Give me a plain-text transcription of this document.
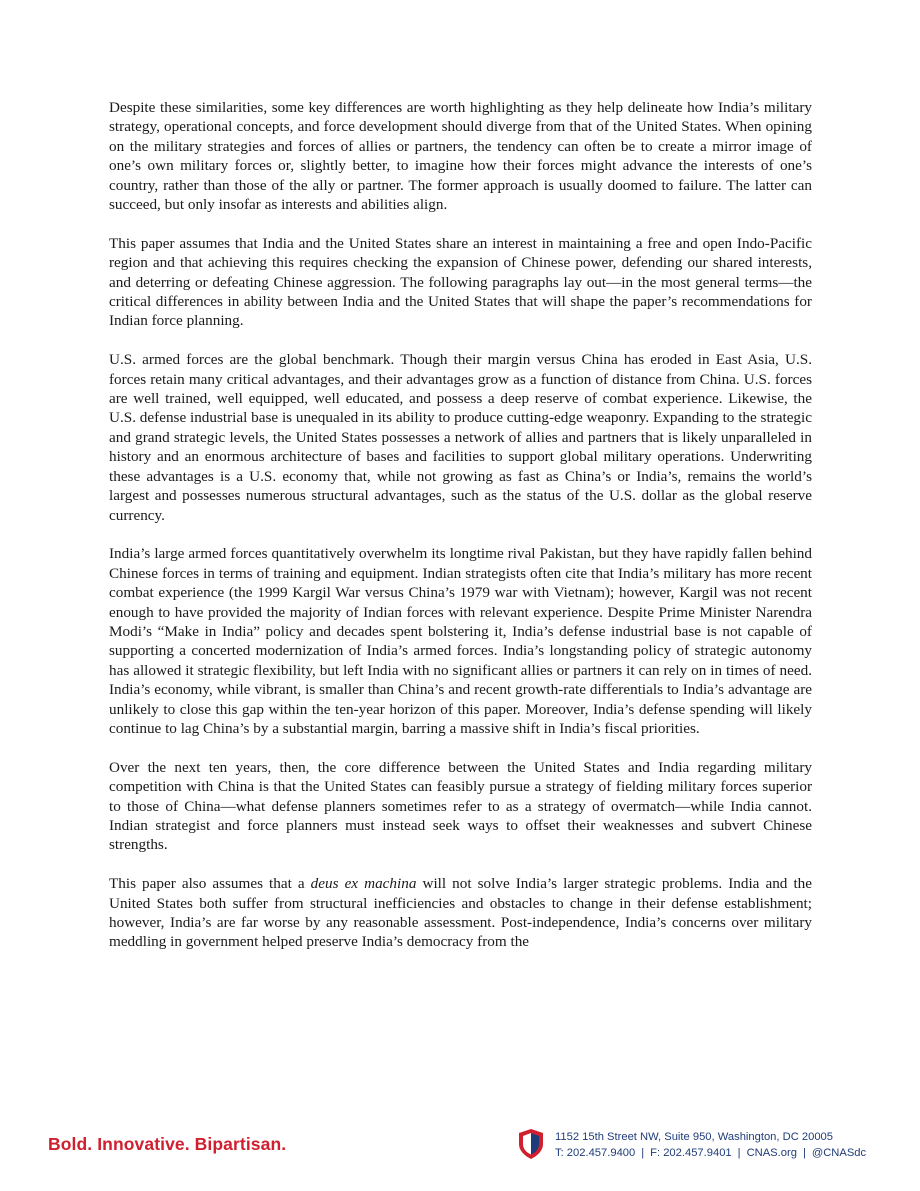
Despite these similarities, some key differences are worth highlighting as they help delineate how India’s military strategy, operational concepts, and force development should diverge from that of the United States. When opining on the military strategies and forces of allies or partners, the tendency can often be to create a mirror image of one’s own military forces or, slightly better, to imagine how their forces might advance the interests of one’s country, rather than those of the ally or partner. The former approach is usually doomed to failure. The latter can succeed, but only insofar as interests and abilities align.

This paper assumes that India and the United States share an interest in maintaining a free and open Indo-Pacific region and that achieving this requires checking the expansion of Chinese power, defending our shared interests, and deterring or defeating Chinese aggression. The following paragraphs lay out—in the most general terms—the critical differences in ability between India and the United States that will shape the paper’s recommendations for Indian force planning.

U.S. armed forces are the global benchmark. Though their margin versus China has eroded in East Asia, U.S. forces retain many critical advantages, and their advantages grow as a function of distance from China. U.S. forces are well trained, well equipped, well educated, and possess a deep reserve of combat experience. Likewise, the U.S. defense industrial base is unequaled in its ability to produce cutting-edge weaponry. Expanding to the strategic and grand strategic levels, the United States possesses a network of allies and partners that is likely unparalleled in history and an enormous architecture of bases and facilities to support global military operations. Underwriting these advantages is a U.S. economy that, while not growing as fast as China’s or India’s, remains the world’s largest and possesses numerous structural advantages, such as the status of the U.S. dollar as the global reserve currency.

India’s large armed forces quantitatively overwhelm its longtime rival Pakistan, but they have rapidly fallen behind Chinese forces in terms of training and equipment. Indian strategists often cite that India’s military has more recent combat experience (the 1999 Kargil War versus China’s 1979 war with Vietnam); however, Kargil was not recent enough to have provided the majority of Indian forces with relevant experience. Despite Prime Minister Narendra Modi’s “Make in India” policy and decades spent bolstering it, India’s defense industrial base is not capable of supporting a concerted modernization of India’s armed forces. India’s longstanding policy of strategic autonomy has allowed it strategic flexibility, but left India with no significant allies or partners it can rely on in times of need. India’s economy, while vibrant, is smaller than China’s and recent growth-rate differentials to India’s advantage are unlikely to close this gap within the ten-year horizon of this paper. Moreover, India’s defense spending will likely continue to lag China’s by a substantial margin, barring a massive shift in India’s fiscal priorities.

Over the next ten years, then, the core difference between the United States and India regarding military competition with China is that the United States can feasibly pursue a strategy of fielding military forces superior to those of China—what defense planners sometimes refer to as a strategy of overmatch—while India cannot. Indian strategist and force planners must instead seek ways to offset their weaknesses and subvert Chinese strengths.

This paper also assumes that a deus ex machina will not solve India’s larger strategic problems. India and the United States both suffer from structural inefficiencies and obstacles to change in their defense establishment; however, India’s are far worse by any reasonable assessment. Post-independence, India’s concerns over military meddling in government helped preserve India’s democracy from the

Bold. Innovative. Bipartisan.	1152 15th Street NW, Suite 950, Washington, DC 20005
T: 202.457.9400 | F: 202.457.9401 | CNAS.org | @CNASdc
